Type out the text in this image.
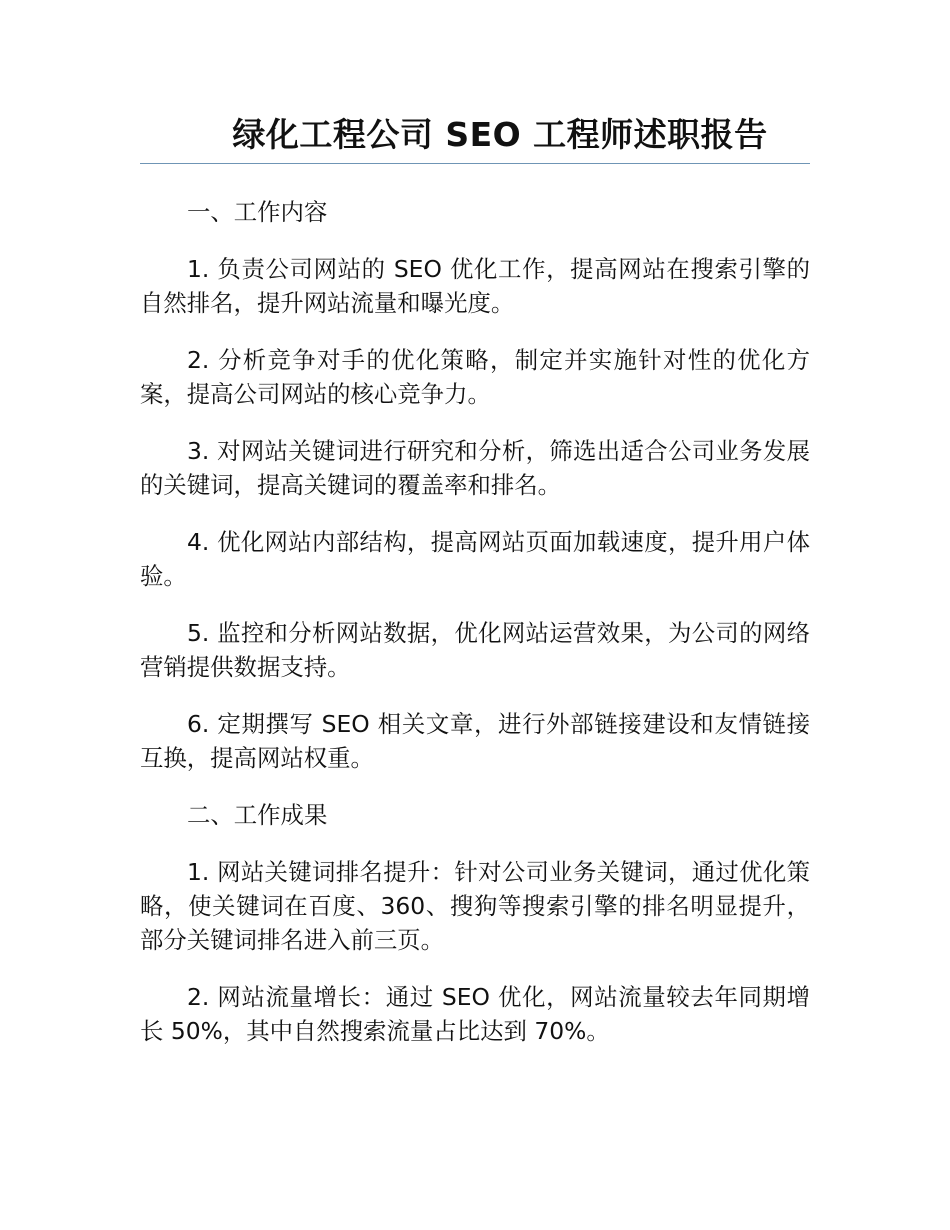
绿化工程公司 SEO 工程师述职报告

一、工作内容

1. 负责公司网站的 SEO 优化工作，提高网站在搜索引擎的自然排名，提升网站流量和曝光度。

2. 分析竞争对手的优化策略，制定并实施针对性的优化方案，提高公司网站的核心竞争力。

3. 对网站关键词进行研究和分析，筛选出适合公司业务发展的关键词，提高关键词的覆盖率和排名。

4. 优化网站内部结构，提高网站页面加载速度，提升用户体验。

5. 监控和分析网站数据，优化网站运营效果，为公司的网络营销提供数据支持。

6. 定期撰写 SEO 相关文章，进行外部链接建设和友情链接互换，提高网站权重。

二、工作成果

1. 网站关键词排名提升：针对公司业务关键词，通过优化策略，使关键词在百度、360、搜狗等搜索引擎的排名明显提升，部分关键词排名进入前三页。

2. 网站流量增长：通过 SEO 优化，网站流量较去年同期增长 50%，其中自然搜索流量占比达到 70%。
